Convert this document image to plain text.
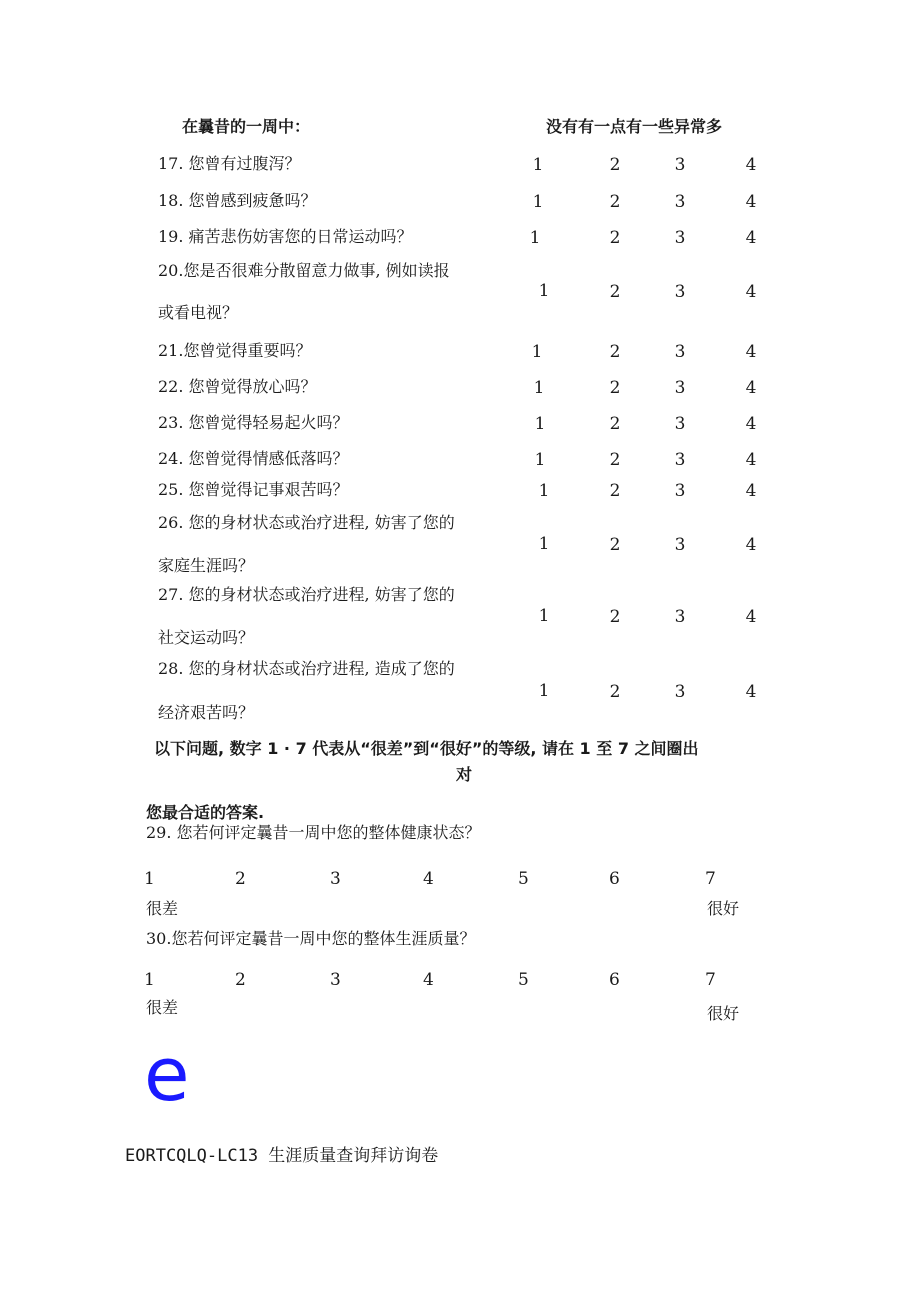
在曩昔的一周中：	没有有一点有一些异常多
17. 您曾有过腹泻？	1	2	3	4
18. 您曾感到疲惫吗？	1	2	3	4
19. 痛苦悲伤妨害您的日常运动吗？	1	2	3	4
20.您是否很难分散留意力做事, 例如读报
或看电视？
1	2	3	4
21.您曾觉得重要吗？	1	2	3	4
22. 您曾觉得放心吗？	1	2	3	4
23. 您曾觉得轻易起火吗？	1	2	3	4
24. 您曾觉得情感低落吗？	1	2	3	4
25. 您曾觉得记事艰苦吗？	1	2	3	4
26. 您的身材状态或治疗进程, 妨害了您的
家庭生涯吗？
1	2	3	4
27. 您的身材状态或治疗进程, 妨害了您的
社交运动吗？
1	2	3	4
28. 您的身材状态或治疗进程, 造成了您的
经济艰苦吗？
1	2	3	4
以下问题, 数字 1 · 7 代表从“很差”到“很好”的等级, 请在 1 至 7 之间圈出
对
您最合适的答案.
29. 您若何评定曩昔一周中您的整体健康状态？
1	2	3	4	5	6	7
很差	很好
30.您若何评定曩昔一周中您的整体生涯质量？
1	2	3	4	5	6	7
很差	很好
e
EORTCQLQ-LC13 生涯质量查询拜访询卷
